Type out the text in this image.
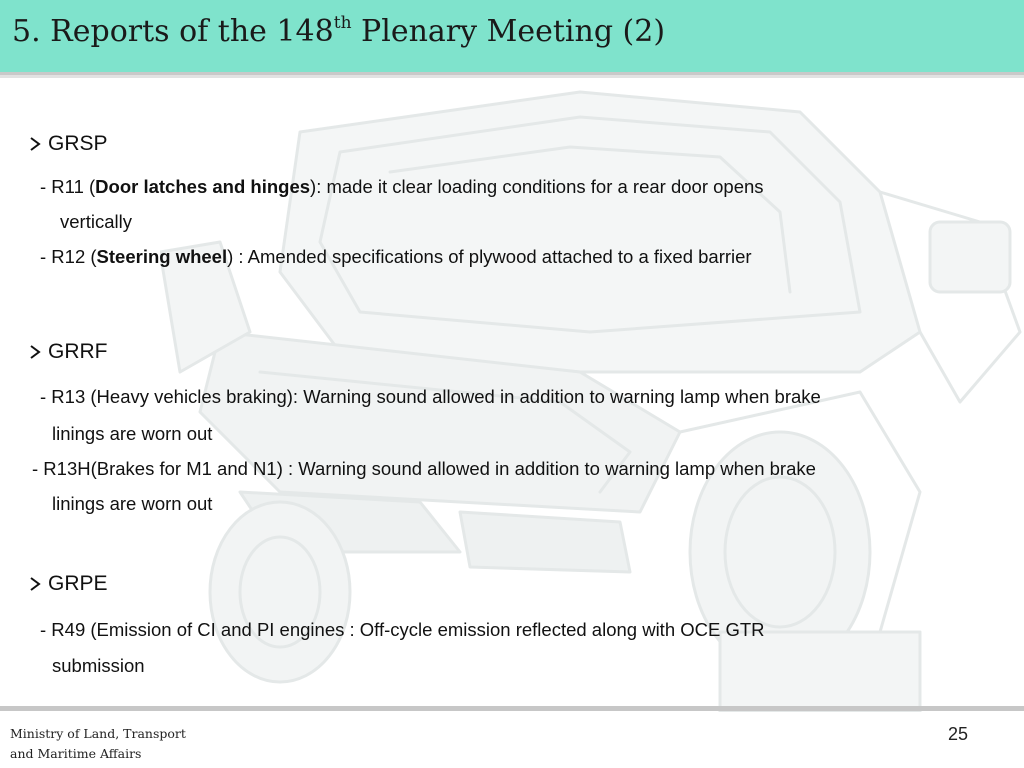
5. Reports of the 148th Plenary Meeting (2)
GRSP
- R11 (Door latches and hinges): made it clear loading conditions for a rear door opens
vertically
- R12 (Steering wheel) : Amended specifications of plywood attached to a fixed barrier
GRRF
- R13 (Heavy vehicles braking): Warning sound allowed in addition to warning lamp when brake
linings are worn out
- R13H(Brakes for M1 and N1) : Warning sound allowed in addition to warning lamp when brake
linings are worn out
GRPE
- R49 (Emission of CI and PI engines : Off-cycle emission reflected along with OCE GTR
submission
Ministry of Land, Transport
and Maritime Affairs
25
